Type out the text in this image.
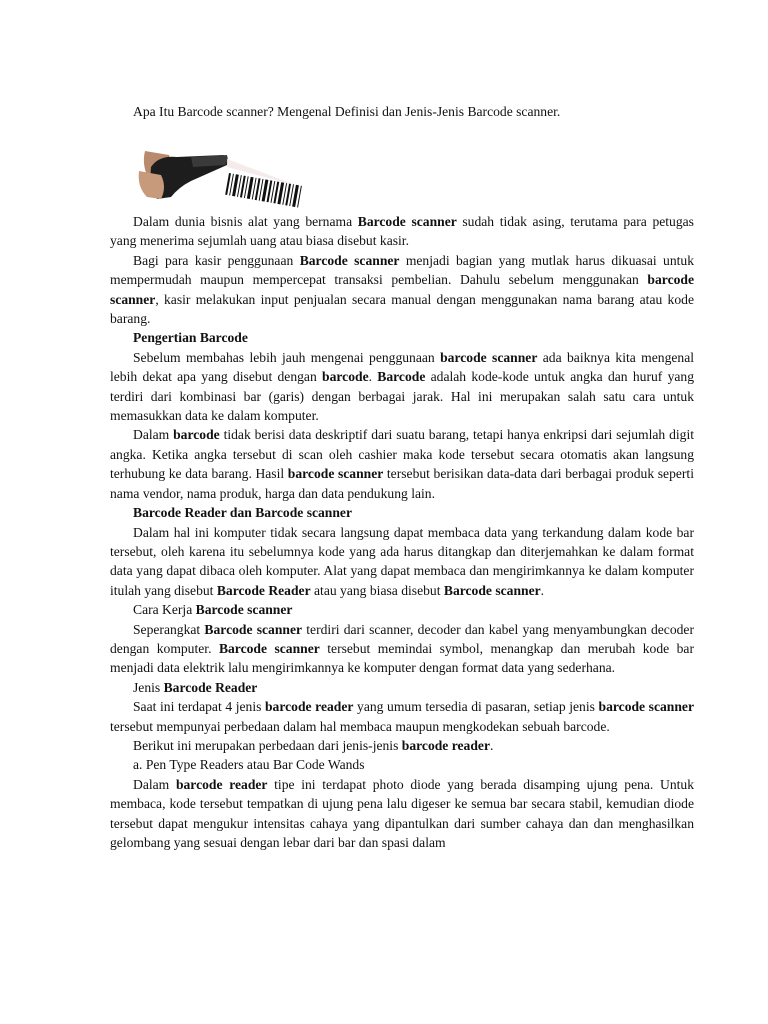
Apa Itu Barcode scanner? Mengenal Definisi dan Jenis-Jenis Barcode scanner.

Dalam dunia bisnis alat yang bernama Barcode scanner sudah tidak asing, terutama para petugas yang menerima sejumlah uang atau biasa disebut kasir.

Bagi para kasir penggunaan Barcode scanner menjadi bagian yang mutlak harus dikuasai untuk mempermudah maupun mempercepat transaksi pembelian. Dahulu sebelum menggunakan barcode scanner, kasir melakukan input penjualan secara manual dengan menggunakan nama barang atau kode barang.

Pengertian Barcode

Sebelum membahas lebih jauh mengenai penggunaan barcode scanner ada baiknya kita mengenal lebih dekat apa yang disebut dengan barcode. Barcode adalah kode-kode untuk angka dan huruf yang terdiri dari kombinasi bar (garis) dengan berbagai jarak. Hal ini merupakan salah satu cara untuk memasukkan data ke dalam komputer.

Dalam barcode tidak berisi data deskriptif dari suatu barang, tetapi hanya enkripsi dari sejumlah digit angka. Ketika angka tersebut di scan oleh cashier maka kode tersebut secara otomatis akan langsung terhubung ke data barang. Hasil barcode scanner tersebut berisikan data-data dari berbagai produk seperti nama vendor, nama produk, harga dan data pendukung lain.

Barcode Reader dan Barcode scanner

Dalam hal ini komputer tidak secara langsung dapat membaca data yang terkandung dalam kode bar tersebut, oleh karena itu sebelumnya kode yang ada harus ditangkap dan diterjemahkan ke dalam format data yang dapat dibaca oleh komputer. Alat yang dapat membaca dan mengirimkannya ke dalam komputer itulah yang disebut Barcode Reader atau yang biasa disebut Barcode scanner.

Cara Kerja Barcode scanner

Seperangkat Barcode scanner terdiri dari scanner, decoder dan kabel yang menyambungkan decoder dengan komputer. Barcode scanner tersebut memindai symbol, menangkap dan merubah kode bar menjadi data elektrik lalu mengirimkannya ke komputer dengan format data yang sederhana.

Jenis Barcode Reader

Saat ini terdapat 4 jenis barcode reader yang umum tersedia di pasaran, setiap jenis barcode scanner tersebut mempunyai perbedaan dalam hal membaca maupun mengkodekan sebuah barcode.

Berikut ini merupakan perbedaan dari jenis-jenis barcode reader.

a. Pen Type Readers atau Bar Code Wands

Dalam barcode reader tipe ini terdapat photo diode yang berada disamping ujung pena. Untuk membaca, kode tersebut tempatkan di ujung pena lalu digeser ke semua bar secara stabil, kemudian diode tersebut dapat mengukur intensitas cahaya yang dipantulkan dari sumber cahaya dan dan menghasilkan gelombang yang sesuai dengan lebar dari bar dan spasi dalam
